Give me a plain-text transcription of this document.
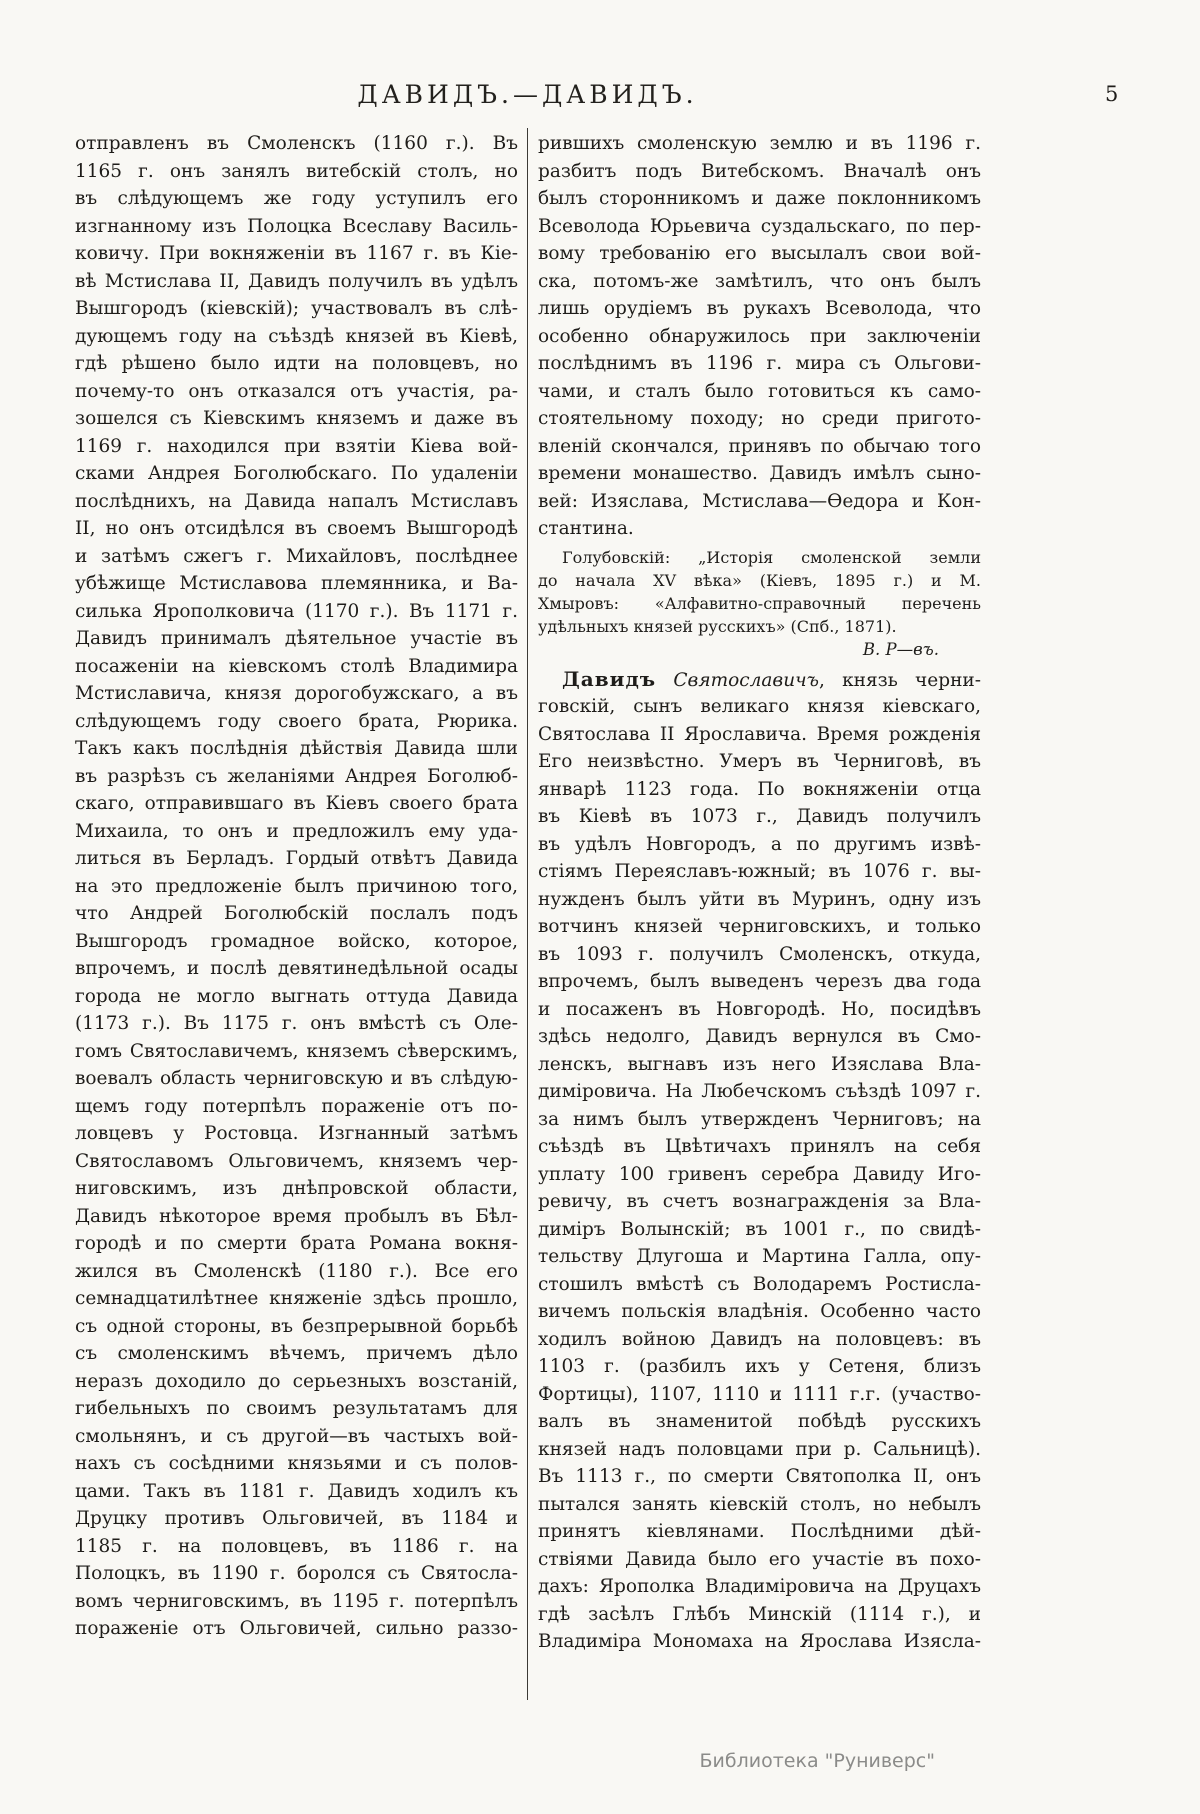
ДАВИДЪ.—ДАВИДЪ.	5
отправленъ въ Смоленскъ (1160 г.). Въ
1165 г. онъ занялъ витебскій столъ, но
въ слѣдующемъ же году уступилъ его
изгнанному изъ Полоцка Всеславу Василь-
ковичу. При вокняженіи въ 1167 г. въ Кіе-
вѣ Мстислава II, Давидъ получилъ въ удѣлъ
Вышгородъ (кіевскій); участвовалъ въ слѣ-
дующемъ году на съѣздѣ князей въ Кіевѣ,
гдѣ рѣшено было идти на половцевъ, но
почему-то онъ отказался отъ участія, ра-
зошелся съ Кіевскимъ княземъ и даже въ
1169 г. находился при взятіи Кіева вой-
сками Андрея Боголюбскаго. По удаленіи
послѣднихъ, на Давида напалъ Мстиславъ
II, но онъ отсидѣлся въ своемъ Вышгородѣ
и затѣмъ сжегъ г. Михайловъ, послѣднее
убѣжище Мстиславова племянника, и Ва-
силька Ярополковича (1170 г.). Въ 1171 г.
Давидъ принималъ дѣятельное участіе въ
посаженіи на кіевскомъ столѣ Владимира
Мстиславича, князя дорогобужскаго, а въ
слѣдующемъ году своего брата, Рюрика.
Такъ какъ послѣднія дѣйствія Давида шли
въ разрѣзъ съ желаніями Андрея Боголюб-
скаго, отправившаго въ Кіевъ своего брата
Михаила, то онъ и предложилъ ему уда-
литься въ Берладъ. Гордый отвѣтъ Давида
на это предложеніе былъ причиною того,
что Андрей Боголюбскій послалъ подъ
Вышгородъ громадное войско, которое,
впрочемъ, и послѣ девятинедѣльной осады
города не могло выгнать оттуда Давида
(1173 г.). Въ 1175 г. онъ вмѣстѣ съ Оле-
гомъ Святославичемъ, княземъ сѣверскимъ,
воевалъ область черниговскую и въ слѣдую-
щемъ году потерпѣлъ пораженіе отъ по-
ловцевъ у Ростовца. Изгнанный затѣмъ
Святославомъ Ольговичемъ, княземъ чер-
ниговскимъ, изъ днѣпровской области,
Давидъ нѣкоторое время пробылъ въ Бѣл-
городѣ и по смерти брата Романа вокня-
жился въ Смоленскѣ (1180 г.). Все его
семнадцатилѣтнее княженіе здѣсь прошло,
съ одной стороны, въ безпрерывной борьбѣ
съ смоленскимъ вѣчемъ, причемъ дѣло
неразъ доходило до серьезныхъ возстаній,
гибельныхъ по своимъ результатамъ для
смольнянъ, и съ другой—въ частыхъ вой-
нахъ съ сосѣдними князьями и съ полов-
цами. Такъ въ 1181 г. Давидъ ходилъ къ
Друцку противъ Ольговичей, въ 1184 и
1185 г. на половцевъ, въ 1186 г. на
Полоцкъ, въ 1190 г. боролся съ Святосла-
вомъ черниговскимъ, въ 1195 г. потерпѣлъ
пораженіе отъ Ольговичей, сильно раззо-
рившихъ смоленскую землю и въ 1196 г.
разбитъ подъ Витебскомъ. Вначалѣ онъ
былъ сторонникомъ и даже поклонникомъ
Всеволода Юрьевича суздальскаго, по пер-
вому требованію его высылалъ свои вой-
ска, потомъ-же замѣтилъ, что онъ былъ
лишь орудіемъ въ рукахъ Всеволода, что
особенно обнаружилось при заключеніи
послѣднимъ въ 1196 г. мира съ Ольгови-
чами, и сталъ было готовиться къ само-
стоятельному походу; но среди пригото-
вленій скончался, принявъ по обычаю того
времени монашество. Давидъ имѣлъ сыно-
вей: Изяслава, Мстислава—Ѳедора и Кон-
стантина.
Голубовскій: „Исторія смоленской земли
до начала XV вѣка» (Кіевъ, 1895 г.) и М.
Хмыровъ: «Алфавитно-справочный перечень
удѣльныхъ князей русскихъ» (Спб., 1871).
В. Р—въ.
Давидъ Святославичъ, князь черни-
говскій, сынъ великаго князя кіевскаго,
Святослава II Ярославича. Время рожденія
Его неизвѣстно. Умеръ въ Черниговѣ, въ
январѣ 1123 года. По вокняженіи отца
въ Кіевѣ въ 1073 г., Давидъ получилъ
въ удѣлъ Новгородъ, а по другимъ извѣ-
стіямъ Переяславъ-южный; въ 1076 г. вы-
нужденъ былъ уйти въ Муринъ, одну изъ
вотчинъ князей черниговскихъ, и только
въ 1093 г. получилъ Смоленскъ, откуда,
впрочемъ, былъ выведенъ черезъ два года
и посаженъ въ Новгородѣ. Но, посидѣвъ
здѣсь недолго, Давидъ вернулся въ Смо-
ленскъ, выгнавъ изъ него Изяслава Вла-
диміровича. На Любечскомъ съѣздѣ 1097 г.
за нимъ былъ утвержденъ Черниговъ; на
съѣздѣ въ Цвѣтичахъ принялъ на себя
уплату 100 гривенъ серебра Давиду Иго-
ревичу, въ счетъ вознагражденія за Вла-
диміръ Волынскій; въ 1001 г., по свидѣ-
тельству Длугоша и Мартина Галла, опу-
стошилъ вмѣстѣ съ Володаремъ Ростисла-
вичемъ польскія владѣнія. Особенно часто
ходилъ войною Давидъ на половцевъ: въ
1103 г. (разбилъ ихъ у Сетеня, близъ
Фортицы), 1107, 1110 и 1111 г.г. (участво-
валъ въ знаменитой побѣдѣ русскихъ
князей надъ половцами при р. Сальницѣ).
Въ 1113 г., по смерти Святополка II, онъ
пытался занять кіевскій столъ, но небылъ
принятъ кіевлянами. Послѣдними дѣй-
ствіями Давида было его участіе въ похо-
дахъ: Ярополка Владиміровича на Друцахъ
гдѣ засѣлъ Глѣбъ Минскій (1114 г.), и
Владиміра Мономаха на Ярослава Изясла-
Библиотека "Руниверс"
